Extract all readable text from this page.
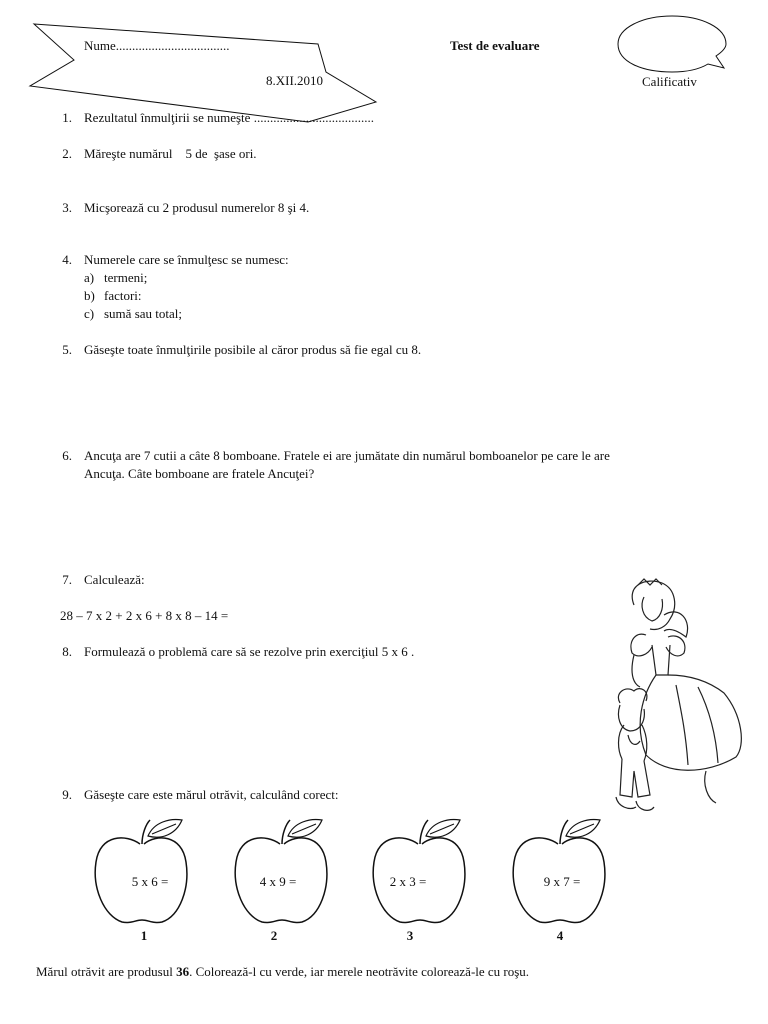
Nume...................................
8.XII.2010
Test de evaluare
Calificativ
1. Rezultatul înmulţirii se numeşte .....................................
2. Măreşte numărul    5 de  şase ori.
3. Micşorează cu 2 produsul numerelor 8 şi 4.
4. Numerele care se înmulţesc se numesc:
a) termeni;
b) factori:
c) sumă sau total;
5. Găseşte toate înmulţirile posibile al căror produs să fie egal cu 8.
6. Ancuţa are 7 cutii a câte 8 bomboane. Fratele ei are jumătate din numărul bomboanelor pe care le are
Ancuţa. Câte bomboane are fratele Ancuţei?
7. Calculează:
28 – 7 x 2 + 2 x 6 + 8 x 8 – 14 =
8. Formulează o problemă care să se rezolve prin exerciţiul 5 x 6 .
9. Găseşte care este mărul otrăvit, calculând corect:
5 x 6 =
1
4 x 9 =
2
2 x 3 =
3
9 x 7 =
4
Mărul otrăvit are produsul 36. Colorează-l cu verde, iar merele neotrăvite colorează-le cu roşu.
